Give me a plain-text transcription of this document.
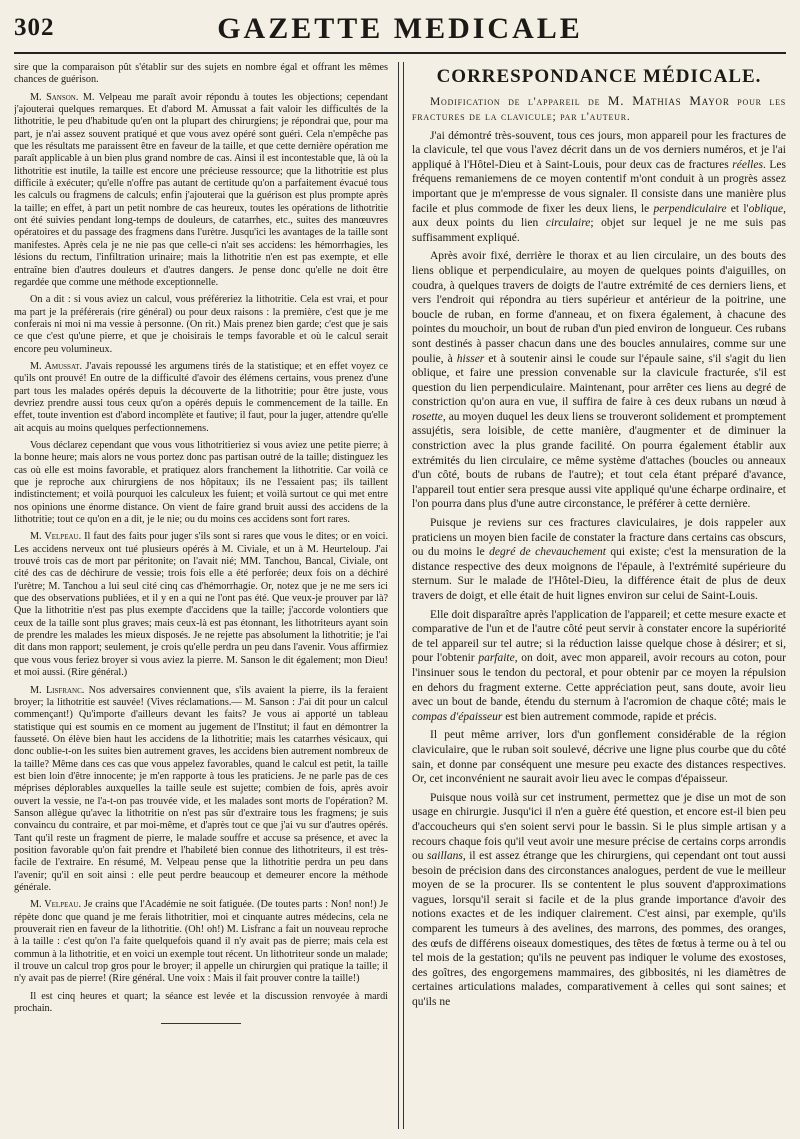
302	GAZETTE MEDICALE

sire que la comparaison pût s'établir sur des sujets en nombre égal et offrant les mêmes chances de guérison.

M. Sanson. M. Velpeau me paraît avoir répondu à toutes les objections; cependant j'ajouterai quelques remarques. Et d'abord M. Amussat a fait valoir les difficultés de la lithotritie, le peu d'habitude qu'en ont la plupart des chirurgiens; je répondrai que, pour ma part, je n'ai assez souvent pratiqué et que vous avez opéré sont guéri. Cela n'empêche pas que les résultats me paraissent être en faveur de la taille, et que cette dernière opération me paraît applicable à un bien plus grand nombre de cas. Ainsi il est incontestable que, là où la lithotritie est inutile, la taille est encore une précieuse ressource; que la lithotritie est plus difficile à exécuter; qu'elle n'offre pas autant de certitude qu'on a parfaitement évacué tous les calculs ou fragmens de calculs; enfin j'ajouterai que la guérison est plus prompte après la taille; en effet, à part un petit nombre de cas heureux, toutes les opérations de lithotritie ont été suivies pendant long-temps de douleurs, de catarrhes, etc., suites des manœuvres opératoires et du passage des fragmens dans l'urètre. Jusqu'ici les avantages de la taille sont manifestes. Après cela je ne nie pas que celle-ci n'ait ses accidens: les hémorrhagies, les lésions du rectum, l'infiltration urinaire; mais la lithotritie n'en est pas exempte, et elle entraîne bien d'autres douleurs et d'autres dangers. Je pense donc qu'elle ne doit être regardée que comme une méthode exceptionnelle.

On a dit : si vous aviez un calcul, vous préféreriez la lithotritie. Cela est vrai, et pour ma part je la préférerais (rire général) ou pour deux raisons : la première, c'est que je me conferais ni moi ni ma vessie à personne. (On rit.) Mais prenez bien garde; c'est que je sais ce que c'est qu'une pierre, et que je choisirais le temps favorable et où le calcul serait encore peu volumineux.

M. Amussat. J'avais repoussé les argumens tirés de la statistique; et en effet voyez ce qu'ils ont prouvé! En outre de la difficulté d'avoir des élémens certains, vous prenez d'une part tous les malades opérés depuis la découverte de la lithotritie; pour être juste, vous devriez prendre aussi tous ceux qu'on a opérés depuis le commencement de la taille. En effet, toute invention est d'abord incomplète et fautive; il faut, pour la juger, attendre qu'elle ait acquis au moins quelques perfectionnemens.

Vous déclarez cependant que vous vous lithotritieriez si vous aviez une petite pierre; à la bonne heure; mais alors ne vous portez donc pas partisan outré de la taille; distinguez les cas où elle est moins favorable, et pratiquez alors franchement la lithotritie. Car voilà ce que je reproche aux chirurgiens de nos hôpitaux; ils ne l'essaient pas; ils taillent indistinctement; et voilà pourquoi les calculeux les fuient; et voilà surtout ce qui met entre nos opinions une énorme distance. On vient de faire grand bruit aussi des accidens de la lithotritie; tout ce qu'on en a dit, je le nie; ou du moins ces accidens sont fort rares.

M. Velpeau. Il faut des faits pour juger s'ils sont si rares que vous le dites; or en voici. Les accidens nerveux ont tué plusieurs opérés à M. Civiale, et un à M. Heurteloup. J'ai trouvé trois cas de mort par péritonite; on l'avait nié; MM. Tanchou, Bancal, Civiale, ont cité des cas de déchirure de vessie; trois fois elle a été perforée; deux fois on a déchiré l'urètre; M. Tanchou a lui seul cité cinq cas d'hémorrhagie. Or, notez que je ne me sers ici que des observations publiées, et il y en a qui ne l'ont pas été. Que veux-je prouver par là? Que la lithotritie n'est pas plus exempte d'accidens que la taille; j'accorde volontiers que ceux de la taille sont plus graves; mais ceux-là est pas étonnant, les lithotriteurs ayant soin de prendre les malades les mieux disposés. Je ne rejette pas absolument la lithotritie; je l'ai dit dans mon rapport; seulement, je crois qu'elle perdra un peu dans l'avenir. Vous affirmiez que vous vous feriez broyer si vous aviez la pierre. M. Sanson le dit également; mon Dieu! et moi aussi. (Rire général.)

M. Lisfranc. Nos adversaires conviennent que, s'ils avaient la pierre, ils la feraient broyer; la lithotritie est sauvée! (Vives réclamations.— M. Sanson : J'ai dit pour un calcul commençant!) Qu'importe d'ailleurs devant les faits? Je vous ai apporté un tableau statistique qui est soumis en ce moment au jugement de l'Institut; il faut en démontrer la fausseté. On élève bien haut les accidens de la lithotritie; mais les catarrhes vésicaux, qui donc oublie-t-on les suites bien autrement graves, les accidens bien autrement nombreux de la taille? Même dans ces cas que vous appelez favorables, quand le calcul est petit, la taille est bien loin d'être innocente; je m'en rapporte à tous les praticiens. Je ne parle pas de ces méprises déplorables auxquelles la taille seule est sujette; combien de fois, après avoir ouvert la vessie, ne l'a-t-on pas trouvée vide, et les malades sont morts de l'opération? M. Sanson allègue qu'avec la lithotritie on n'est pas sûr d'extraire tous les fragmens; je suis convaincu du contraire, et par moi-même, et d'après tout ce que j'ai vu sur d'autres opérés. Tant qu'il reste un fragment de pierre, le malade souffre et accuse sa présence, et avec la position favorable qu'on fait prendre et l'habileté bien connue des lithotriteurs, il est très-facile de l'extraire. En résumé, M. Velpeau pense que la lithotritie perdra un peu dans l'avenir; qu'il en soit ainsi : elle peut perdre beaucoup et demeurer encore la méthode générale.

M. Velpeau. Je crains que l'Académie ne soit fatiguée. (De toutes parts : Non! non!) Je répète donc que quand je me ferais lithotritier, moi et cinquante autres médecins, cela ne prouverait rien en faveur de la lithotritie. (Oh! oh!) M. Lisfranc a fait un nouveau reproche à la taille : c'est qu'on l'a faite quelquefois quand il n'y avait pas de pierre; mais cela est commun à la lithotritie, et en voici un exemple tout récent. Un lithotriteur sonde un malade; il trouve un calcul trop gros pour le broyer; il appelle un chirurgien qui pratique la taille; il n'y avait pas de pierre! (Rire général. Une voix : Mais il fait prouver contre la taille!)

Il est cinq heures et quart; la séance est levée et la discussion renvoyée à mardi prochain.

CORRESPONDANCE MÉDICALE.

Modification de l'appareil de M. Mathias Mayor pour les fractures de la clavicule; par l'auteur.

J'ai démontré très-souvent, tous ces jours, mon appareil pour les fractures de la clavicule, tel que vous l'avez décrit dans un de vos derniers numéros, et je l'ai appliqué à l'Hôtel-Dieu et à Saint-Louis, pour deux cas de fractures réelles. Les fréquens remaniemens de ce moyen contentif m'ont conduit à un progrès assez important que je m'empresse de vous signaler. Il consiste dans une manière plus facile et plus commode de fixer les deux liens, le perpendiculaire et l'oblique, aux deux points du lien circulaire; objet sur lequel je ne me suis pas suffisamment expliqué.

Après avoir fixé, derrière le thorax et au lien circulaire, un des bouts des liens oblique et perpendiculaire, au moyen de quelques points d'aiguilles, on coudra, à quelques travers de doigts de l'autre extrémité de ces derniers liens, et vers l'endroit qui répondra au tiers supérieur et antérieur de la poitrine, une boucle de ruban, en forme d'anneau, et on fixera également, à chacune des pointes du mouchoir, un bout de ruban d'un pied environ de longueur. Ces rubans sont destinés à passer chacun dans une des boucles annulaires, comme sur une poulie, à hisser et à soutenir ainsi le coude sur l'épaule saine, s'il s'agit du lien oblique, et faire une pression convenable sur la clavicule fracturée, s'il est question du lien perpendiculaire. Maintenant, pour arrêter ces liens au degré de constriction qu'on aura en vue, il suffira de faire à ces deux rubans un nœud à rosette, au moyen duquel les deux liens se trouveront solidement et promptement assujétis, sera loisible, de cette manière, d'augmenter et de diminuer la constriction avec la plus grande facilité. On pourra également établir aux extrémités du lien circulaire, ce même système d'attaches (boucles ou anneaux d'un côté, bouts de rubans de l'autre); et tout cela étant préparé d'avance, l'appareil tout entier sera presque aussi vite appliqué qu'une écharpe ordinaire, et l'on pourra dans plus d'une autre circonstance, le préférer à cette dernière.

Puisque je reviens sur ces fractures claviculaires, je dois rappeler aux praticiens un moyen bien facile de constater la fracture dans certains cas obscurs, ou du moins le degré de chevauchement qui existe; c'est la mensuration de la distance respective des deux moignons de l'épaule, à l'extrémité supérieure du sternum. Sur le malade de l'Hôtel-Dieu, la différence était de plus de deux travers de doigt, et elle était de huit lignes environ sur celui de Saint-Louis.

Elle doit disparaître après l'application de l'appareil; et cette mesure exacte et comparative de l'un et de l'autre côté peut servir à constater encore la supériorité de tel appareil sur tel autre; si la réduction laisse quelque chose à désirer; et si, pour l'obtenir parfaite, on doit, avec mon appareil, avoir recours au coton, pour l'insinuer sous le tendon du pectoral, et pour obtenir par ce moyen la répulsion en dehors du fragment externe. Cette appréciation peut, sans doute, avoir lieu avec un bout de bande, étendu du sternum à l'acromion de chaque côté; mais le compas d'épaisseur est bien autrement commode, rapide et précis.

Il peut même arriver, lors d'un gonflement considérable de la région claviculaire, que le ruban soit soulevé, décrive une ligne plus courbe que du côté sain, et donne par conséquent une mesure peu exacte des distances respectives. Or, cet inconvénient ne saurait avoir lieu avec le compas d'épaisseur.

Puisque nous voilà sur cet instrument, permettez que je dise un mot de son usage en chirurgie. Jusqu'ici il n'en a guère été question, et encore est-il bien peu d'accoucheurs qui s'en soient servi pour le bassin. Si le plus simple artisan y a recours chaque fois qu'il veut avoir une mesure précise de certains corps arrondis ou saillans, il est assez étrange que les chirurgiens, qui cependant ont tout aussi besoin de précision dans des circonstances analogues, perdent de vue le meilleur moyen de se la procurer. Ils se contentent le plus souvent d'approximations vagues, lorsqu'il serait si facile et de la plus grande importance d'avoir des notions exactes et de les indiquer clairement. C'est ainsi, par exemple, qu'ils comparent les tumeurs à des avelines, des marrons, des pommes, des oranges, des œufs de différens oiseaux domestiques, des têtes de fœtus à terme ou à tel ou tel mois de la gestation; qu'ils ne peuvent pas indiquer le volume des exostoses, des goîtres, des engorgemens mammaires, des gibbosités, ni les diamètres de certaines articulations malades, comparativement à celles qui sont saines; et qu'ils ne
